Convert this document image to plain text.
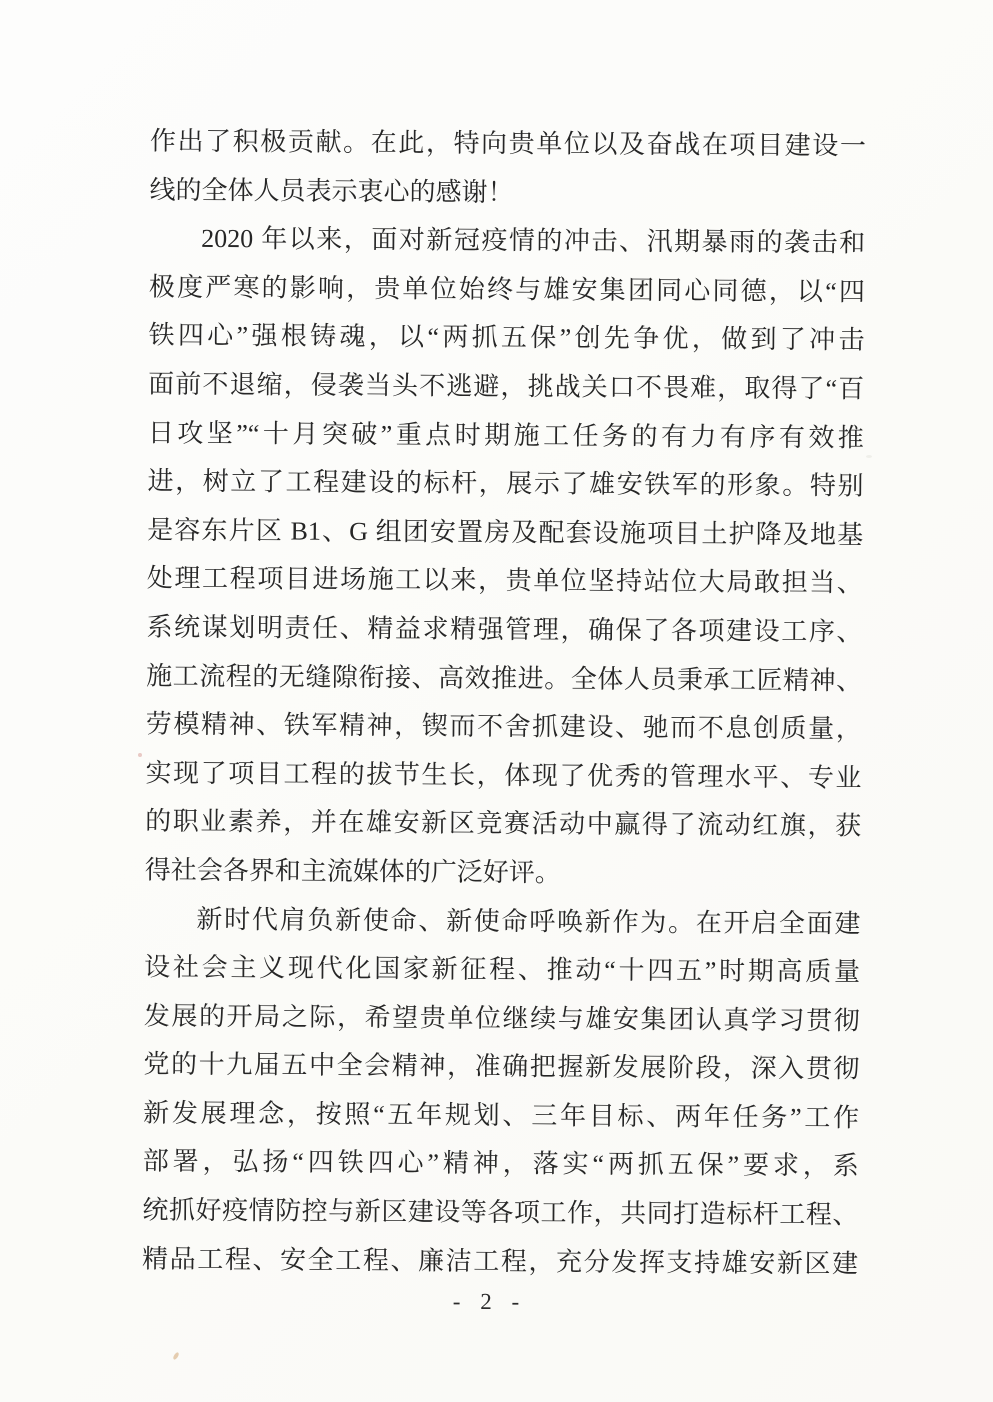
作出了积极贡献。在此，特向贵单位以及奋战在项目建设一
线的全体人员表示衷心的感谢！
2020 年以来，面对新冠疫情的冲击、汛期暴雨的袭击和
极度严寒的影响，贵单位始终与雄安集团同心同德，以“四
铁四心”强根铸魂，以“两抓五保”创先争优，做到了冲击
面前不退缩，侵袭当头不逃避，挑战关口不畏难，取得了“百
日攻坚”“十月突破”重点时期施工任务的有力有序有效推
进，树立了工程建设的标杆，展示了雄安铁军的形象。特别
是容东片区 B1、G 组团安置房及配套设施项目土护降及地基
处理工程项目进场施工以来，贵单位坚持站位大局敢担当、
系统谋划明责任、精益求精强管理，确保了各项建设工序、
施工流程的无缝隙衔接、高效推进。全体人员秉承工匠精神、
劳模精神、铁军精神，锲而不舍抓建设、驰而不息创质量，
实现了项目工程的拔节生长，体现了优秀的管理水平、专业
的职业素养，并在雄安新区竞赛活动中赢得了流动红旗，获
得社会各界和主流媒体的广泛好评。
新时代肩负新使命、新使命呼唤新作为。在开启全面建
设社会主义现代化国家新征程、推动“十四五”时期高质量
发展的开局之际，希望贵单位继续与雄安集团认真学习贯彻
党的十九届五中全会精神，准确把握新发展阶段，深入贯彻
新发展理念，按照“五年规划、三年目标、两年任务”工作
部署，弘扬“四铁四心”精神，落实“两抓五保”要求，系
统抓好疫情防控与新区建设等各项工作，共同打造标杆工程、
精品工程、安全工程、廉洁工程，充分发挥支持雄安新区建
- 2 -
